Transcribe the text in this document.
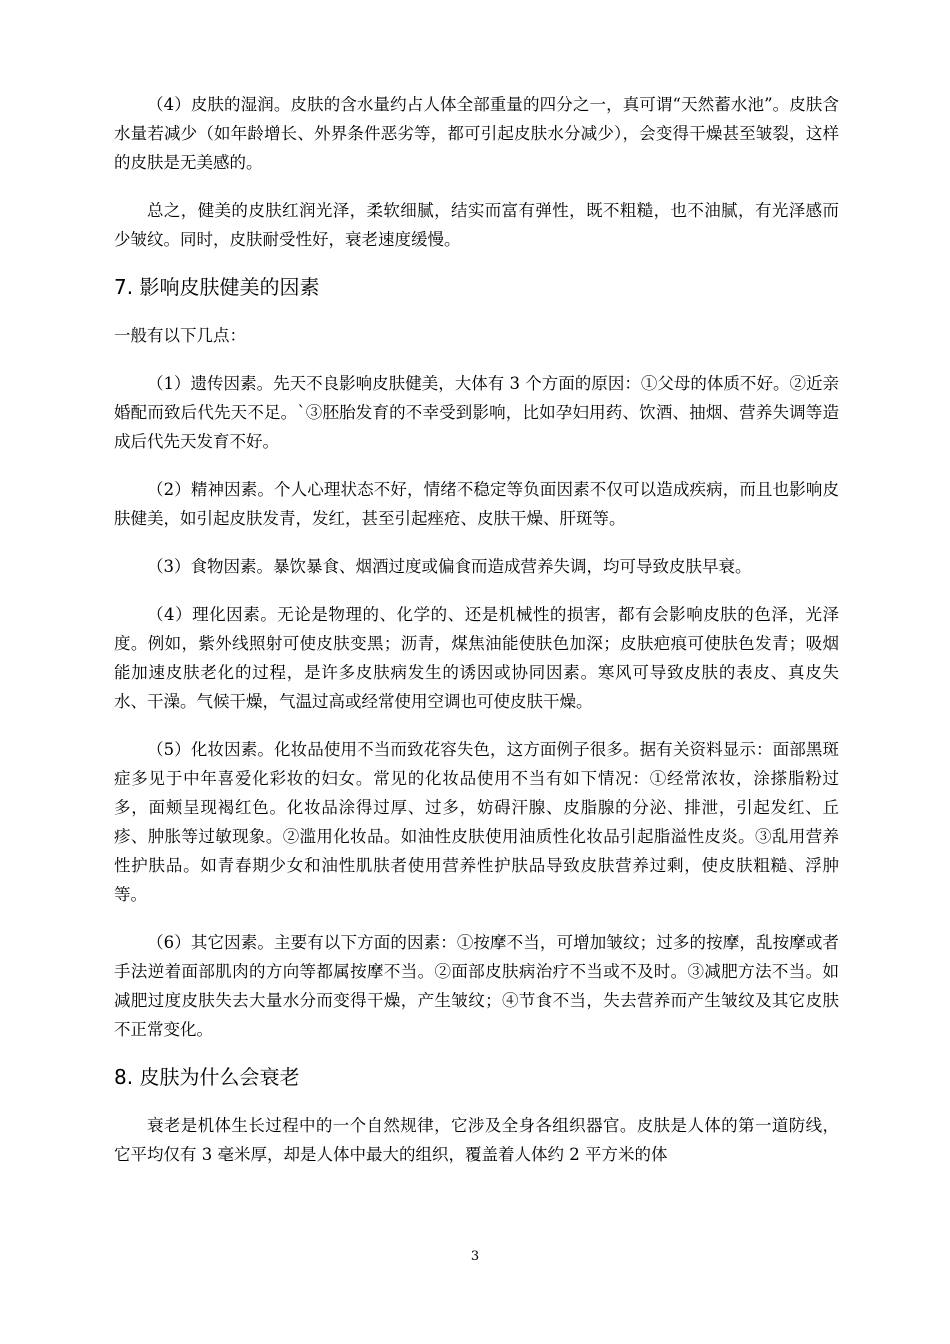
（4）皮肤的湿润。皮肤的含水量约占人体全部重量的四分之一，真可谓“天然蓄水池”。皮肤含水量若减少（如年龄增长、外界条件恶劣等，都可引起皮肤水分减少），会变得干燥甚至皱裂，这样的皮肤是无美感的。

总之，健美的皮肤红润光泽，柔软细腻，结实而富有弹性，既不粗糙，也不油腻，有光泽感而少皱纹。同时，皮肤耐受性好，衰老速度缓慢。

7. 影响皮肤健美的因素

一般有以下几点：

（1）遗传因素。先天不良影响皮肤健美，大体有 3 个方面的原因：①父母的体质不好。②近亲婚配而致后代先天不足。`③胚胎发育的不幸受到影响，比如孕妇用药、饮酒、抽烟、营养失调等造成后代先天发育不好。

（2）精神因素。个人心理状态不好，情绪不稳定等负面因素不仅可以造成疾病，而且也影响皮肤健美，如引起皮肤发青，发红，甚至引起痤疮、皮肤干燥、肝斑等。

（3）食物因素。暴饮暴食、烟酒过度或偏食而造成营养失调，均可导致皮肤早衰。

（4）理化因素。无论是物理的、化学的、还是机械性的损害，都有会影响皮肤的色泽，光泽度。例如，紫外线照射可使皮肤变黑；沥青，煤焦油能使肤色加深；皮肤疤痕可使肤色发青；吸烟能加速皮肤老化的过程，是许多皮肤病发生的诱因或协同因素。寒风可导致皮肤的表皮、真皮失水、干澡。气候干燥，气温过高或经常使用空调也可使皮肤干燥。

（5）化妆因素。化妆品使用不当而致花容失色，这方面例子很多。据有关资料显示：面部黑斑症多见于中年喜爱化彩妆的妇女。常见的化妆品使用不当有如下情况：①经常浓妆，涂搽脂粉过多，面颊呈现褐红色。化妆品涂得过厚、过多，妨碍汗腺、皮脂腺的分泌、排泄，引起发红、丘疹、肿胀等过敏现象。②滥用化妆品。如油性皮肤使用油质性化妆品引起脂溢性皮炎。③乱用营养性护肤品。如青春期少女和油性肌肤者使用营养性护肤品导致皮肤营养过剩，使皮肤粗糙、浮肿等。

（6）其它因素。主要有以下方面的因素：①按摩不当，可增加皱纹；过多的按摩，乱按摩或者手法逆着面部肌肉的方向等都属按摩不当。②面部皮肤病治疗不当或不及时。③减肥方法不当。如减肥过度皮肤失去大量水分而变得干燥，产生皱纹；④节食不当，失去营养而产生皱纹及其它皮肤不正常变化。

8. 皮肤为什么会衰老

衰老是机体生长过程中的一个自然规律，它涉及全身各组织器官。皮肤是人体的第一道防线，它平均仅有 3 毫米厚，却是人体中最大的组织，覆盖着人体约 2 平方米的体

3
